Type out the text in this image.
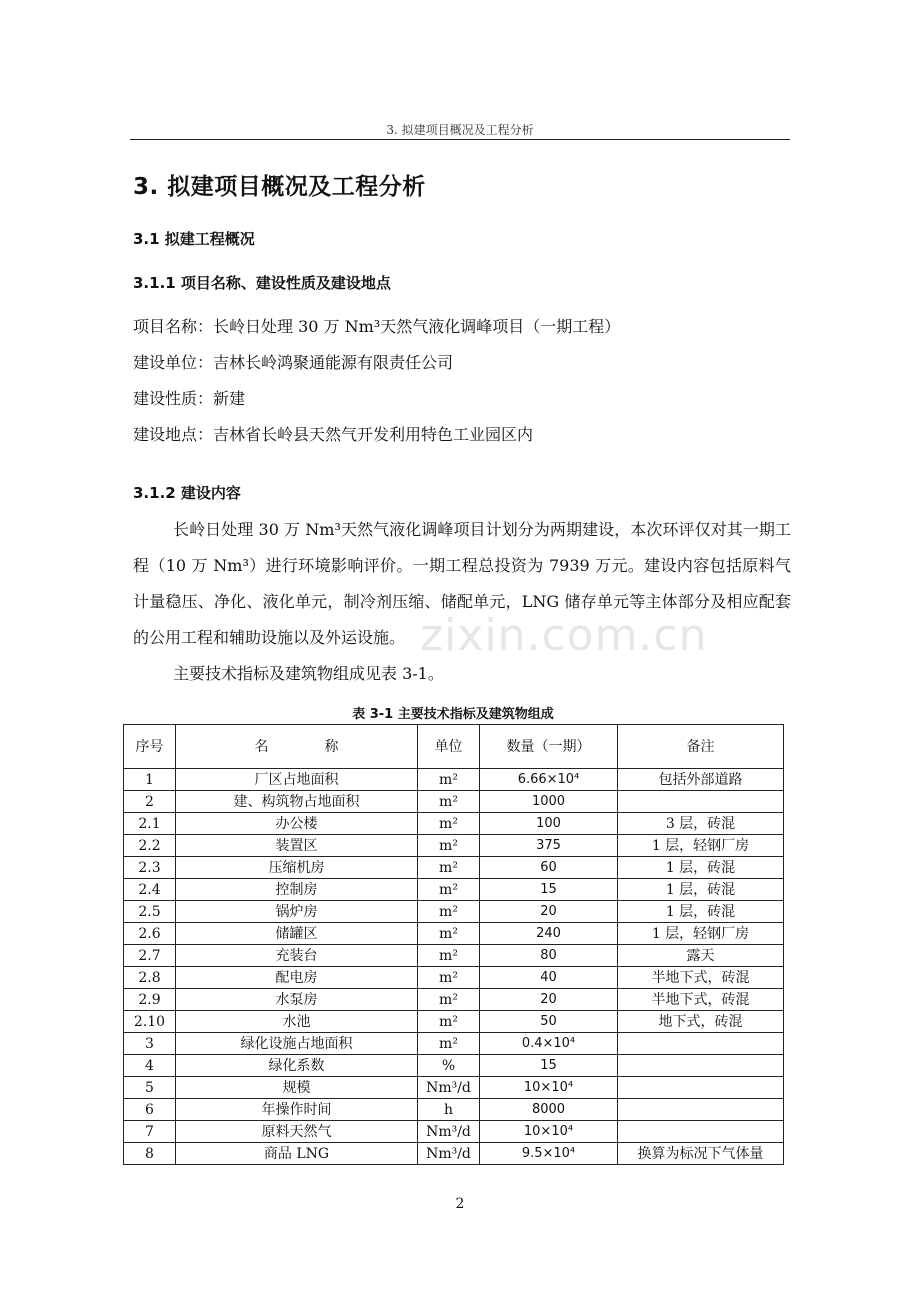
3. 拟建项目概况及工程分析
3. 拟建项目概况及工程分析
3.1 拟建工程概况
3.1.1 项目名称、建设性质及建设地点
项目名称：长岭日处理 30 万 Nm³天然气液化调峰项目（一期工程）
建设单位：吉林长岭鸿聚通能源有限责任公司
建设性质：新建
建设地点：吉林省长岭县天然气开发利用特色工业园区内
3.1.2 建设内容
长岭日处理 30 万 Nm³天然气液化调峰项目计划分为两期建设，本次环评仅对其一期工程（10 万 Nm³）进行环境影响评价。一期工程总投资为 7939 万元。建设内容包括原料气计量稳压、净化、液化单元，制冷剂压缩、储配单元，LNG 储存单元等主体部分及相应配套的公用工程和辅助设施以及外运设施。 zixin.com.cn
主要技术指标及建筑物组成见表 3-1。
表 3-1 主要技术指标及建筑物组成
序号	名　　　　称	单位	数量（一期）	备注
1	厂区占地面积	m²	6.66×10⁴	包括外部道路
2	建、构筑物占地面积	m²	1000	
2.1	办公楼	m²	100	3 层，砖混
2.2	装置区	m²	375	1 层，轻钢厂房
2.3	压缩机房	m²	60	1 层，砖混
2.4	控制房	m²	15	1 层，砖混
2.5	锅炉房	m²	20	1 层，砖混
2.6	储罐区	m²	240	1 层，轻钢厂房
2.7	充装台	m²	80	露天
2.8	配电房	m²	40	半地下式，砖混
2.9	水泵房	m²	20	半地下式，砖混
2.10	水池	m²	50	地下式，砖混
3	绿化设施占地面积	m²	0.4×10⁴	
4	绿化系数	%	15	
5	规模	Nm³/d	10×10⁴	
6	年操作时间	h	8000	
7	原料天然气	Nm³/d	10×10⁴	
8	商品 LNG	Nm³/d	9.5×10⁴	换算为标况下气体量
2
